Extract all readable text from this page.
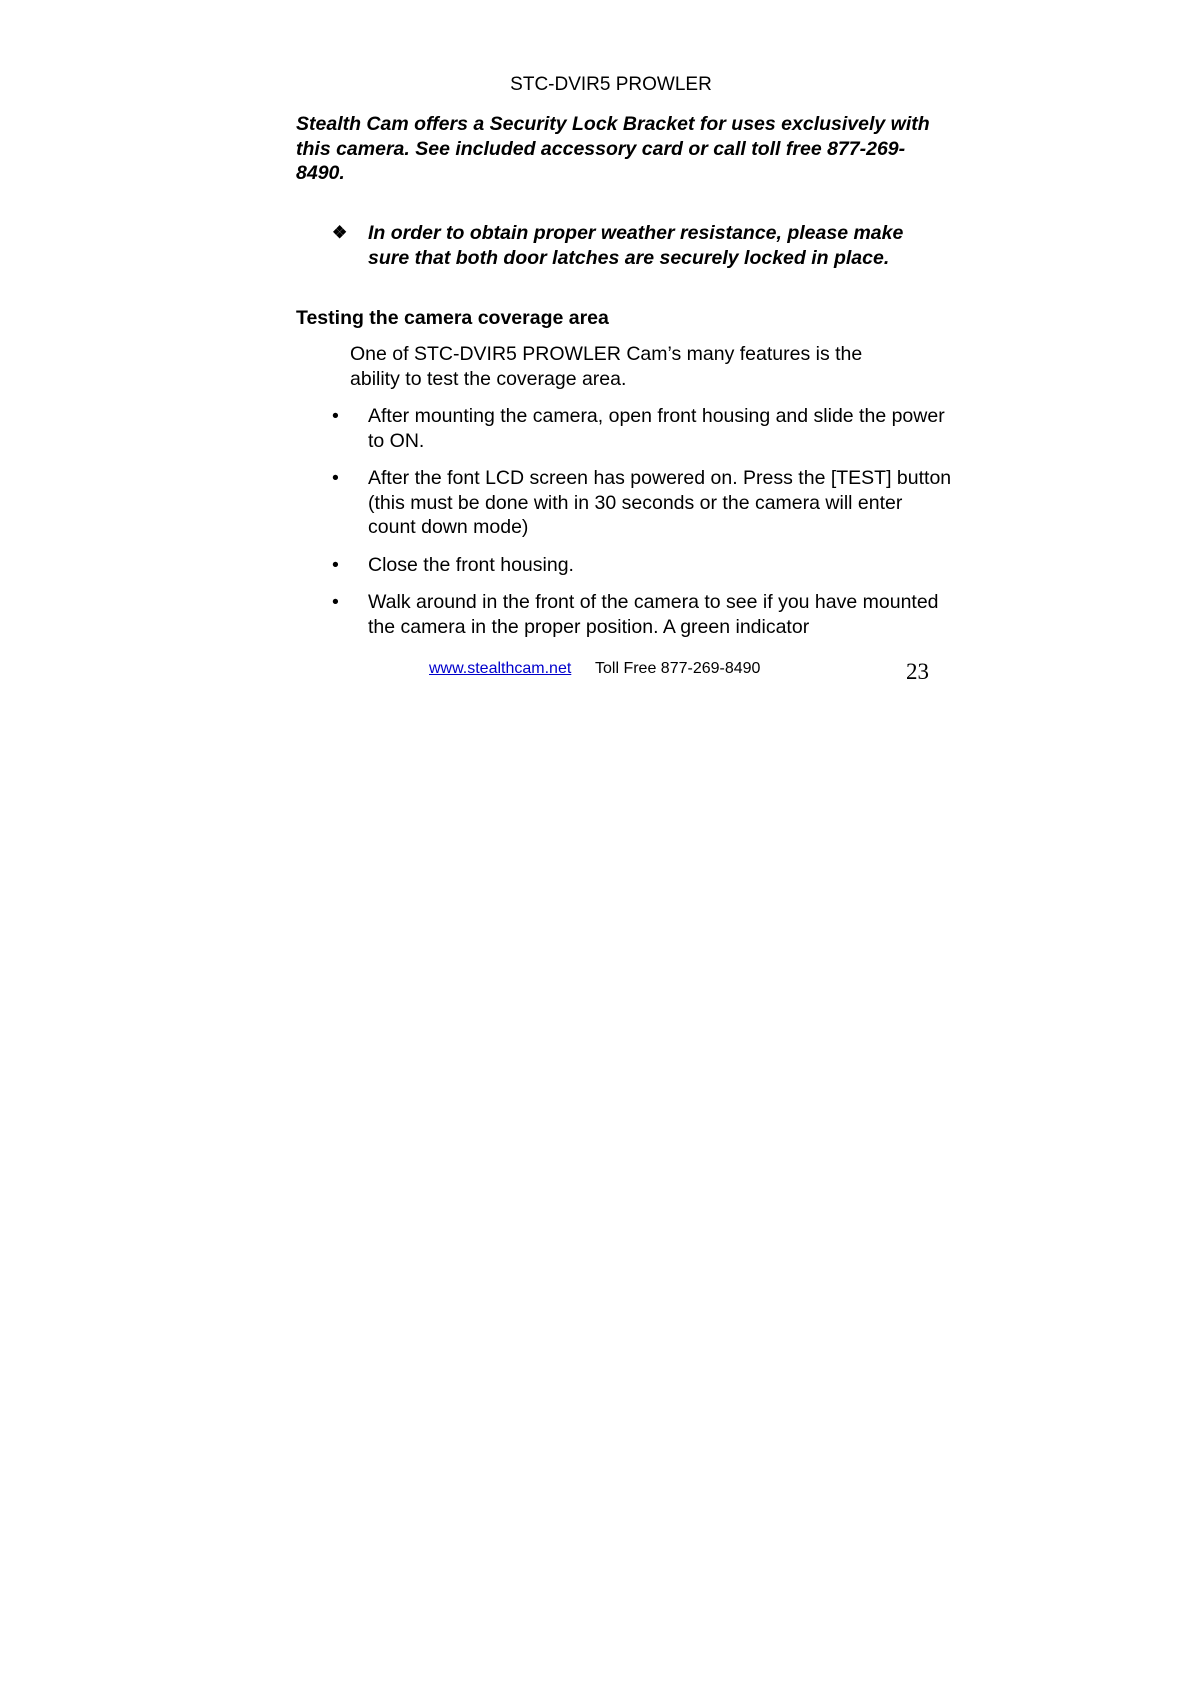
STC-DVIR5 PROWLER
Stealth Cam offers a Security Lock Bracket for uses exclusively with this camera. See included accessory card or call toll free 877-269-8490.
❖ In order to obtain proper weather resistance, please make sure that both door latches are securely locked in place.
Testing the camera coverage area
One of STC-DVIR5 PROWLER Cam’s many features is the ability to test the coverage area.
• After mounting the camera, open front housing and slide the power to ON.
• After the font LCD screen has powered on. Press the [TEST] button (this must be done with in 30 seconds or the camera will enter count down mode)
• Close the front housing.
• Walk around in the front of the camera to see if you have mounted the camera in the proper position. A green indicator
www.stealthcam.net Toll Free 877-269-8490	23
